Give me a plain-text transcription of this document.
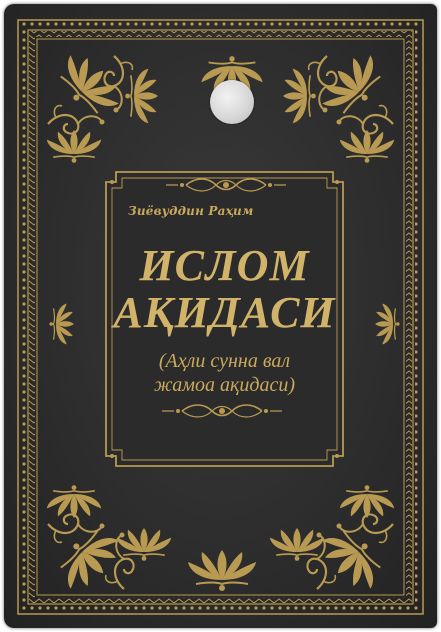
Зиёвуддин Раҳим
ИСЛОМ
АҚИДАСИ
(Аҳли сунна вал
жамоа ақидаси)
